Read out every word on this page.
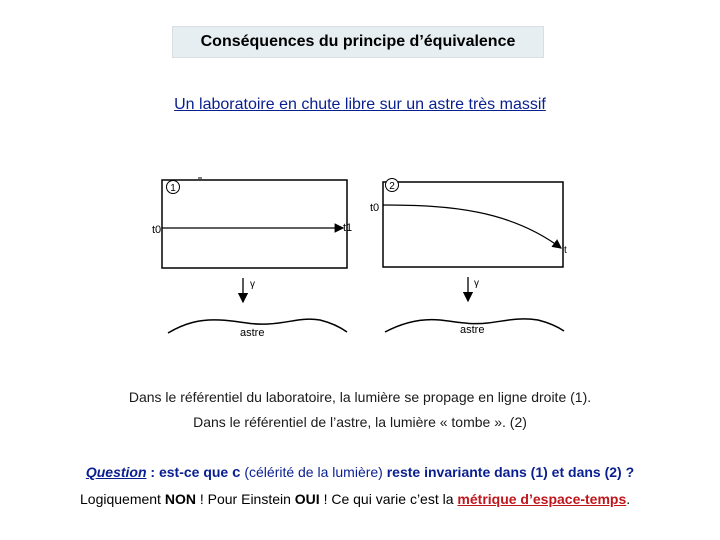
Conséquences du principe d’équivalence
Un laboratoire en chute libre sur un astre très massif
1
t0	t1
γ
astre
2
t0
t
γ
astre
Dans le référentiel du laboratoire, la lumière se propage en ligne droite (1).
Dans le référentiel de l’astre, la lumière « tombe ». (2)
Question : est-ce que c (célérité de la lumière) reste invariante dans (1) et dans (2) ?
Logiquement NON ! Pour Einstein OUI ! Ce qui varie c’est la métrique d’espace-temps.
